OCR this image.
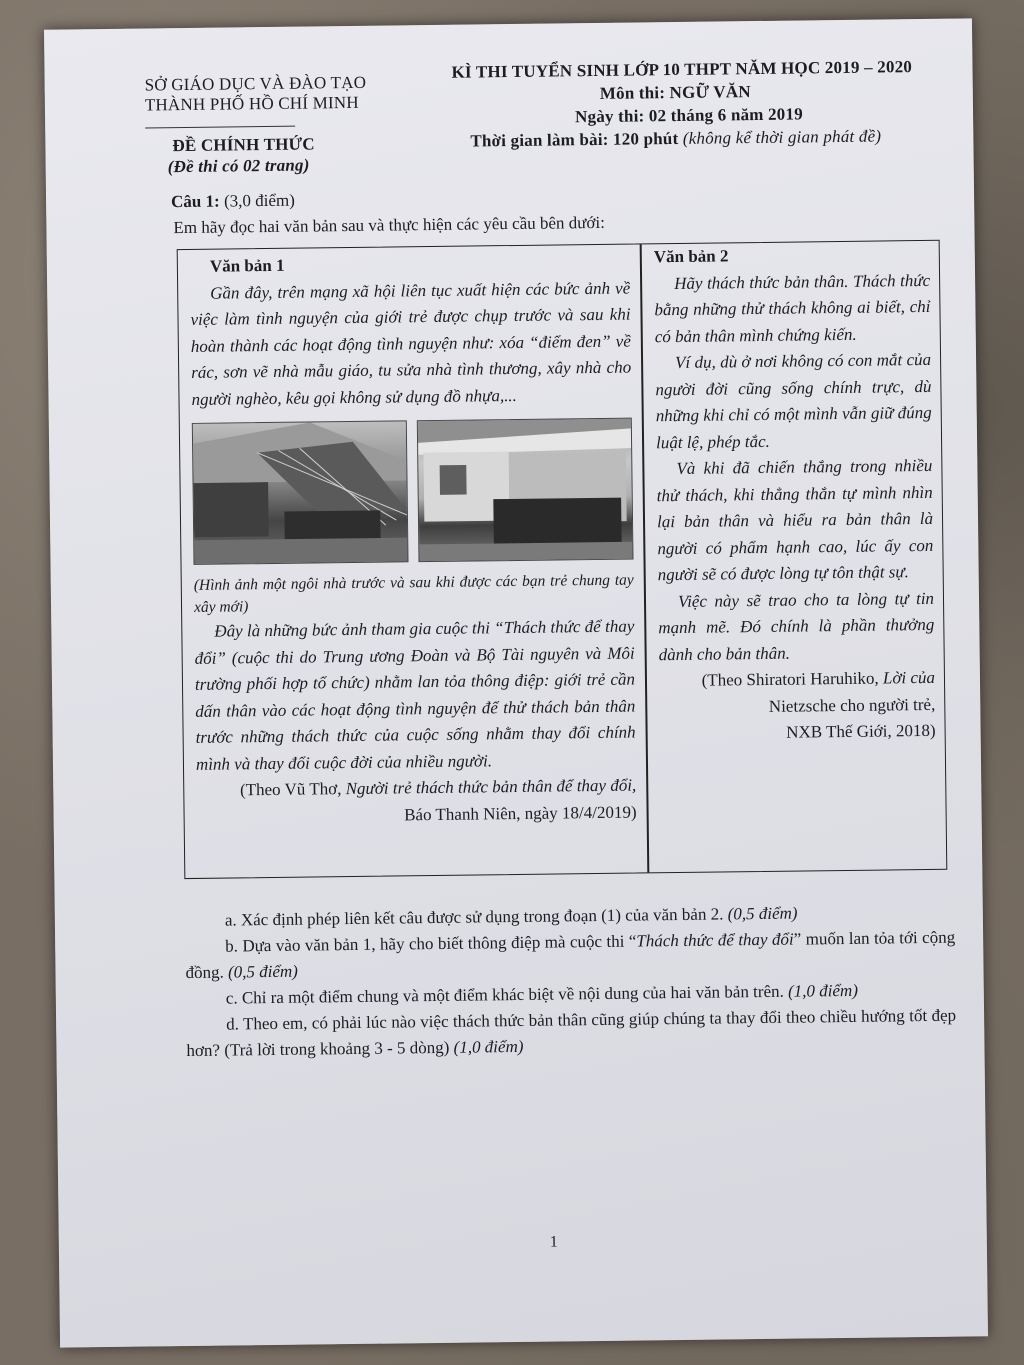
SỞ GIÁO DỤC VÀ ĐÀO TẠO
THÀNH PHỐ HỒ CHÍ MINH
KÌ THI TUYỂN SINH LỚP 10 THPT NĂM HỌC 2019 – 2020
Môn thi: NGỮ VĂN
Ngày thi: 02 tháng 6 năm 2019
Thời gian làm bài: 120 phút (không kể thời gian phát đề)
ĐỀ CHÍNH THỨC
(Đề thi có 02 trang)
Câu 1: (3,0 điểm)
Em hãy đọc hai văn bản sau và thực hiện các yêu cầu bên dưới:

Văn bản 1

Gần đây, trên mạng xã hội liên tục xuất hiện các bức ảnh về việc làm tình nguyện của giới trẻ được chụp trước và sau khi hoàn thành các hoạt động tình nguyện như: xóa “điểm đen” về rác, sơn vẽ nhà mẫu giáo, tu sửa nhà tình thương, xây nhà cho người nghèo, kêu gọi không sử dụng đồ nhựa,...

(Hình ảnh một ngôi nhà trước và sau khi được các bạn trẻ chung tay xây mới)

Đây là những bức ảnh tham gia cuộc thi “Thách thức để thay đổi” (cuộc thi do Trung ương Đoàn và Bộ Tài nguyên và Môi trường phối hợp tổ chức) nhằm lan tỏa thông điệp: giới trẻ cần dấn thân vào các hoạt động tình nguyện để thử thách bản thân trước những thách thức của cuộc sống nhằm thay đổi chính mình và thay đổi cuộc đời của nhiều người.

(Theo Vũ Thơ, Người trẻ thách thức bản thân để thay đổi,

Báo Thanh Niên, ngày 18/4/2019)

Văn bản 2

Hãy thách thức bản thân. Thách thức bằng những thử thách không ai biết, chỉ có bản thân mình chứng kiến.

Ví dụ, dù ở nơi không có con mắt của người đời cũng sống chính trực, dù những khi chỉ có một mình vẫn giữ đúng luật lệ, phép tắc.

Và khi đã chiến thắng trong nhiều thử thách, khi thẳng thắn tự mình nhìn lại bản thân và hiểu ra bản thân là người có phẩm hạnh cao, lúc ấy con người sẽ có được lòng tự tôn thật sự.

Việc này sẽ trao cho ta lòng tự tin mạnh mẽ. Đó chính là phần thưởng dành cho bản thân.

(Theo Shiratori Haruhiko, Lời của

Nietzsche cho người trẻ,

NXB Thế Giới, 2018)

a. Xác định phép liên kết câu được sử dụng trong đoạn (1) của văn bản 2. (0,5 điểm)

b. Dựa vào văn bản 1, hãy cho biết thông điệp mà cuộc thi “Thách thức để thay đổi” muốn lan tỏa tới cộng đồng. (0,5 điểm)

c. Chỉ ra một điểm chung và một điểm khác biệt về nội dung của hai văn bản trên. (1,0 điểm)

d. Theo em, có phải lúc nào việc thách thức bản thân cũng giúp chúng ta thay đổi theo chiều hướng tốt đẹp hơn? (Trả lời trong khoảng 3 - 5 dòng) (1,0 điểm)

1
